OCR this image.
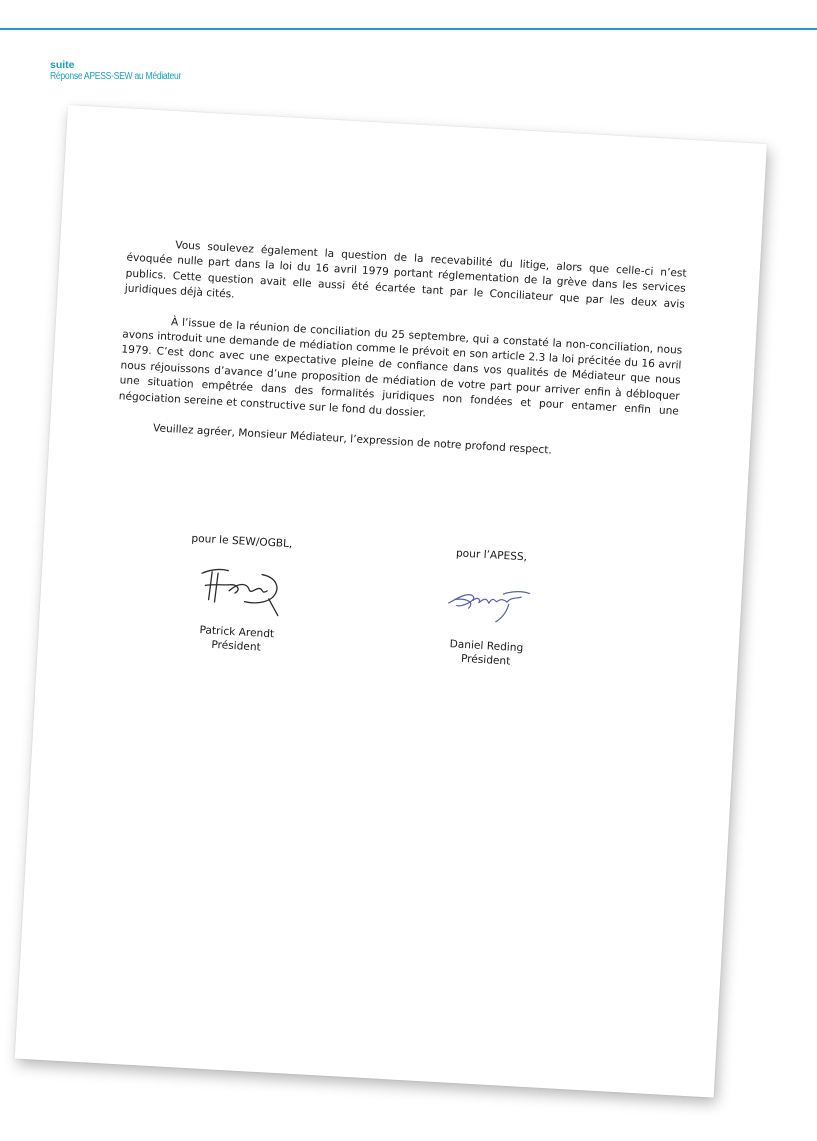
suite
Réponse APESS-SEW au Médiateur

Vous soulevez également la question de la recevabilité du litige, alors que celle-ci n’est évoquée nulle part dans la loi du 16 avril 1979 portant réglementation de la grève dans les services publics. Cette question avait elle aussi été écartée tant par le Conciliateur que par les deux avis juridiques déjà cités.

À l’issue de la réunion de conciliation du 25 septembre, qui a constaté la non-conciliation, nous avons introduit une demande de médiation comme le prévoit en son article 2.3 la loi précitée du 16 avril 1979. C’est donc avec une expectative pleine de confiance dans vos qualités de Médiateur que nous nous réjouissons d’avance d’une proposition de médiation de votre part pour arriver enfin à débloquer une situation empêtrée dans des formalités juridiques non fondées et pour entamer enfin une négociation sereine et constructive sur le fond du dossier.

Veuillez agréer, Monsieur Médiateur, l’expression de notre profond respect.

pour le SEW/OGBL,
Patrick Arendt
Président
pour l’APESS,
Daniel Reding
Président
